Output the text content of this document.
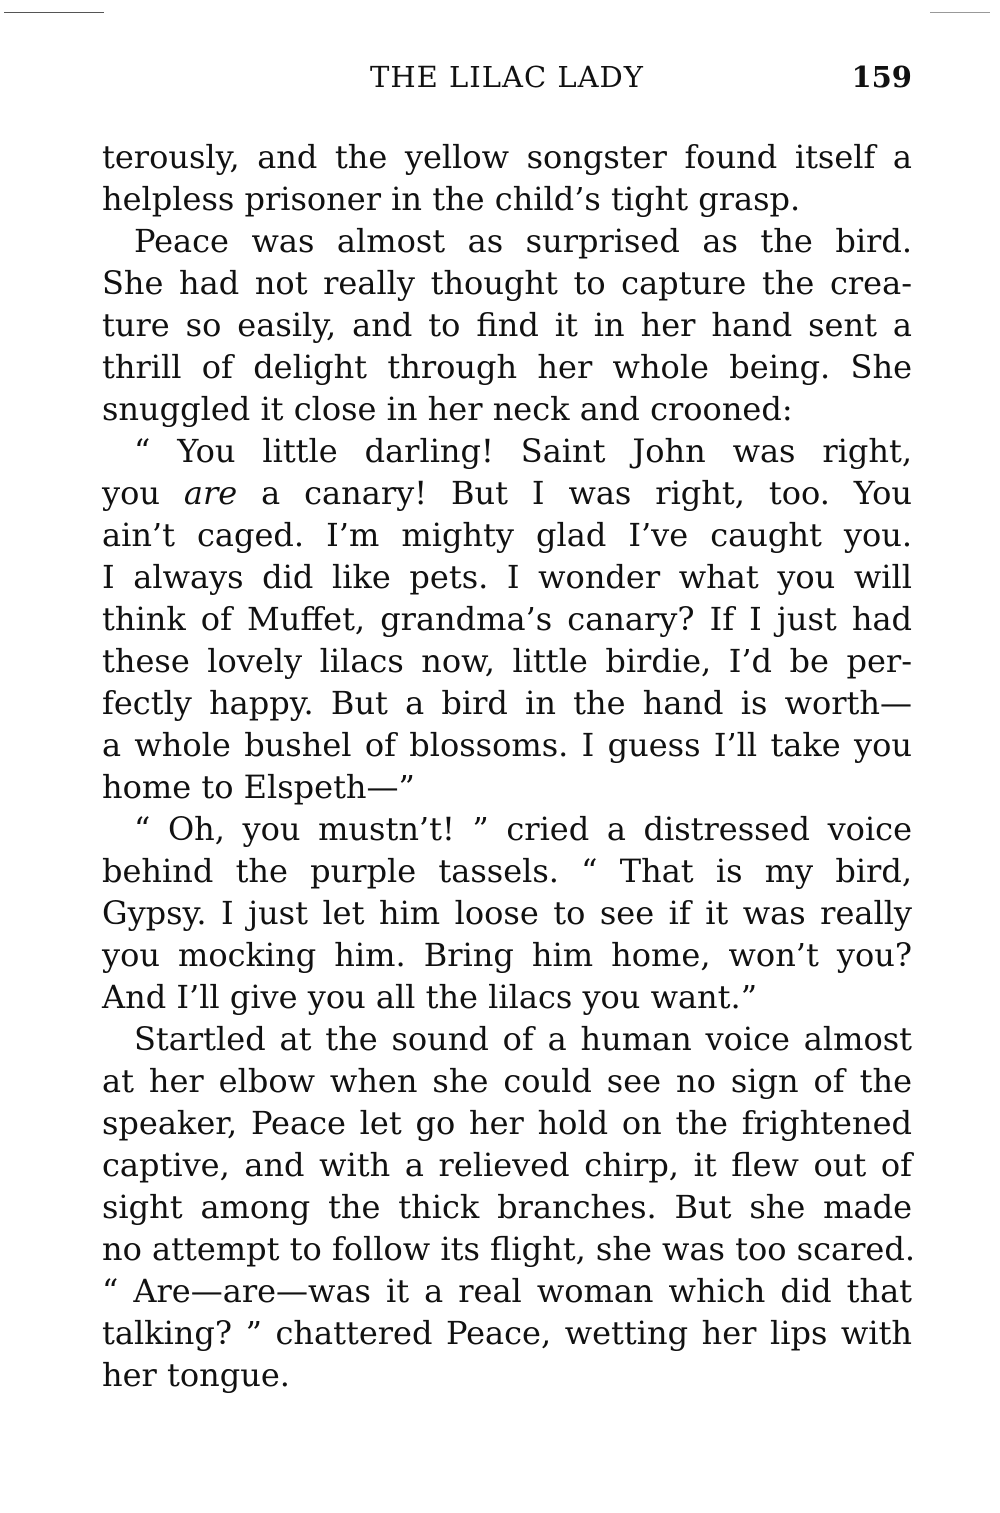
THE LILAC LADY	159
terously, and the yellow songster found itself a
helpless prisoner in the child’s tight grasp.
Peace was almost as surprised as the bird.
She had not really thought to capture the crea-
ture so easily, and to find it in her hand sent a
thrill of delight through her whole being. She
snuggled it close in her neck and crooned:
“ You little darling! Saint John was right,
you are a canary! But I was right, too. You
ain’t caged. I’m mighty glad I’ve caught you.
I always did like pets. I wonder what you will
think of Muffet, grandma’s canary? If I just had
these lovely lilacs now, little birdie, I’d be per-
fectly happy. But a bird in the hand is worth—
a whole bushel of blossoms. I guess I’ll take you
home to Elspeth—”
“ Oh, you mustn’t! ” cried a distressed voice
behind the purple tassels. “ That is my bird,
Gypsy. I just let him loose to see if it was really
you mocking him. Bring him home, won’t you?
And I’ll give you all the lilacs you want.”
Startled at the sound of a human voice almost
at her elbow when she could see no sign of the
speaker, Peace let go her hold on the frightened
captive, and with a relieved chirp, it flew out of
sight among the thick branches. But she made
no attempt to follow its flight, she was too scared.
“ Are—are—was it a real woman which did that
talking? ” chattered Peace, wetting her lips with
her tongue.
